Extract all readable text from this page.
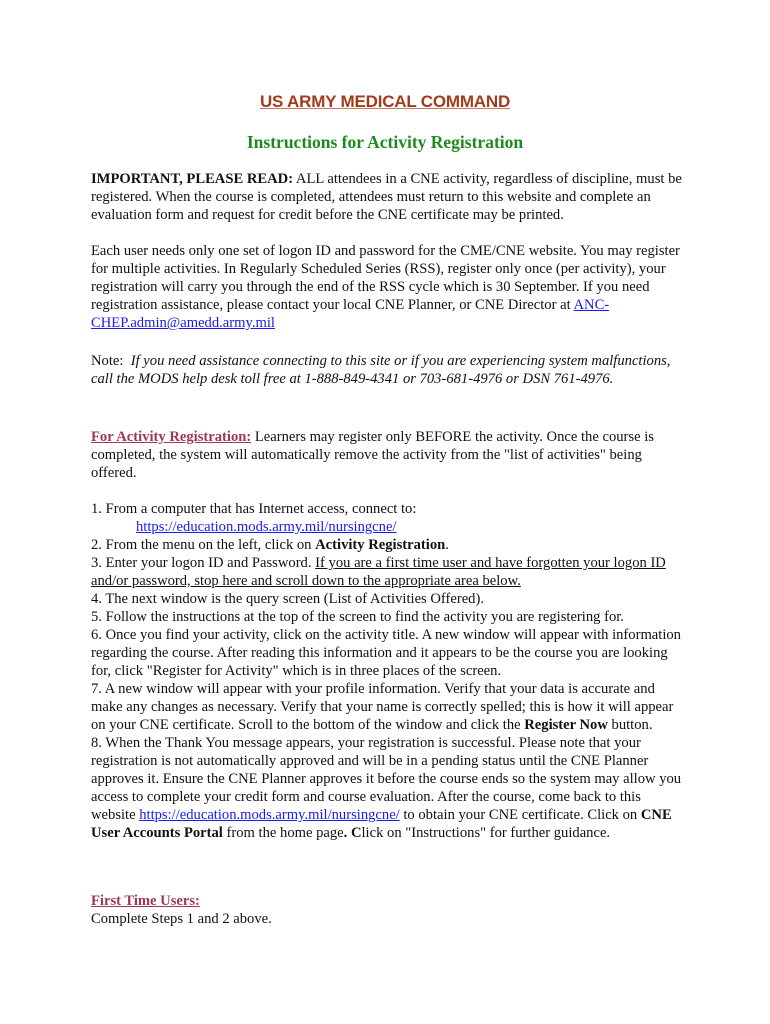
US ARMY MEDICAL COMMAND
Instructions for Activity Registration
IMPORTANT, PLEASE READ: ALL attendees in a CNE activity, regardless of discipline, must be registered. When the course is completed, attendees must return to this website and complete an evaluation form and request for credit before the CNE certificate may be printed.
Each user needs only one set of logon ID and password for the CME/CNE website. You may register for multiple activities. In Regularly Scheduled Series (RSS), register only once (per activity), your registration will carry you through the end of the RSS cycle which is 30 September. If you need registration assistance, please contact your local CNE Planner, or CNE Director at ANC-CHEP.admin@amedd.army.mil
Note: If you need assistance connecting to this site or if you are experiencing system malfunctions, call the MODS help desk toll free at 1-888-849-4341 or 703-681-4976 or DSN 761-4976.
For Activity Registration: Learners may register only BEFORE the activity. Once the course is completed, the system will automatically remove the activity from the "list of activities" being offered.
1. From a computer that has Internet access, connect to:
https://education.mods.army.mil/nursingcne/
2. From the menu on the left, click on Activity Registration.
3. Enter your logon ID and Password. If you are a first time user and have forgotten your logon ID and/or password, stop here and scroll down to the appropriate area below.
4. The next window is the query screen (List of Activities Offered).
5. Follow the instructions at the top of the screen to find the activity you are registering for.
6. Once you find your activity, click on the activity title. A new window will appear with information regarding the course. After reading this information and it appears to be the course you are looking for, click "Register for Activity" which is in three places of the screen.
7. A new window will appear with your profile information. Verify that your data is accurate and make any changes as necessary. Verify that your name is correctly spelled; this is how it will appear on your CNE certificate. Scroll to the bottom of the window and click the Register Now button.
8. When the Thank You message appears, your registration is successful. Please note that your registration is not automatically approved and will be in a pending status until the CNE Planner approves it. Ensure the CNE Planner approves it before the course ends so the system may allow you access to complete your credit form and course evaluation. After the course, come back to this website https://education.mods.army.mil/nursingcne/ to obtain your CNE certificate. Click on CNE User Accounts Portal from the home page. Click on "Instructions" for further guidance.
First Time Users:
Complete Steps 1 and 2 above.
